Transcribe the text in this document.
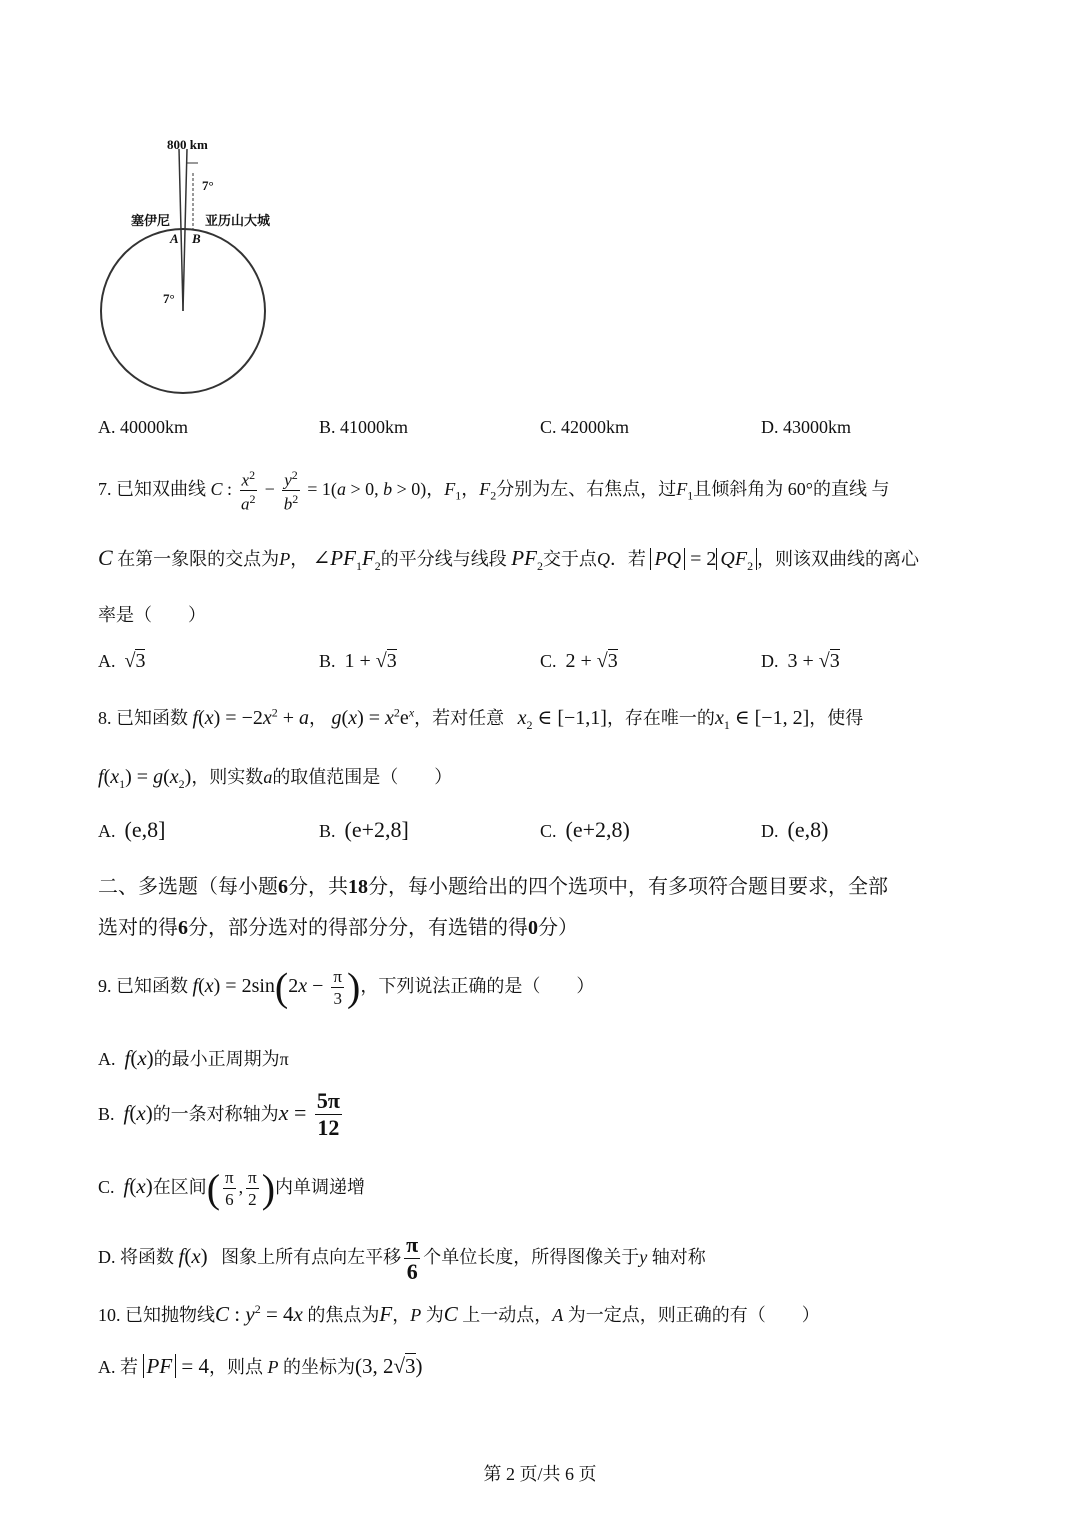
800 km
7°
塞伊尼	亚历山大城
A B
7°
A. 40000km	B. 41000km	C. 42000km	D. 43000km
7. 已知双曲线 C : $\frac{x^2}{a^2} - \frac{y^2}{b^2} = 1(a > 0$, b > 0)，$F_1$，$F_2$分别为左、右焦点，过$F_1$且倾斜角为 60°的直线 与
C 在第一象限的交点为P， $\angle PF_1F_2$的平分线与线段 $PF_2$交于点Q．若 PQ = 2 $QF_2$ ，则该双曲线的离心
率是（　　）
A. √3	B. 1 + √3	C. 2 + √3	D. 3 + √3
8. 已知函数 $f(x) = -2x^2 + a$， $g(x) = x^2e^x$，若对任意 $x_2$ ∈ [−1,1]，存在唯一的$x_1$ ∈ [−1, 2]，使得
$f(x_1) = g(x_2)$，则实数a的取值范围是（　　）
A. (e,8]	B. (e+2,8]	C. (e+2,8)	D. (e,8)
二、多选题（每小题6分，共18分，每小题给出的四个选项中，有多项符合题目要求，全部
选对的得6分，部分选对的得部分分，有选错的得0分）
9. 已知函数 $f(x) = 2\sin(2x - \frac{\pi}{3}$ )，下列说法正确的是（　　）
A. f(x)的最小正周期为π
B. f(x)的一条对称轴为$x = \frac{5\pi}{12}$
C. f(x)在区间( $\frac{\pi}{6}$ , $\frac{\pi}{2}$ )内单调递增
D. 将函数 f(x) 图象上所有点向左平移 $\frac{\pi}{6}$ 个单位长度，所得图像关于y 轴对称
10. 已知抛物线C : $y^2 = 4x$ 的焦点为F，P 为C 上一动点，A 为一定点，则正确的有（　　）
A. 若 PF = 4，则点 P 的坐标为(3, 2√3)
第 2 页/共 6 页
